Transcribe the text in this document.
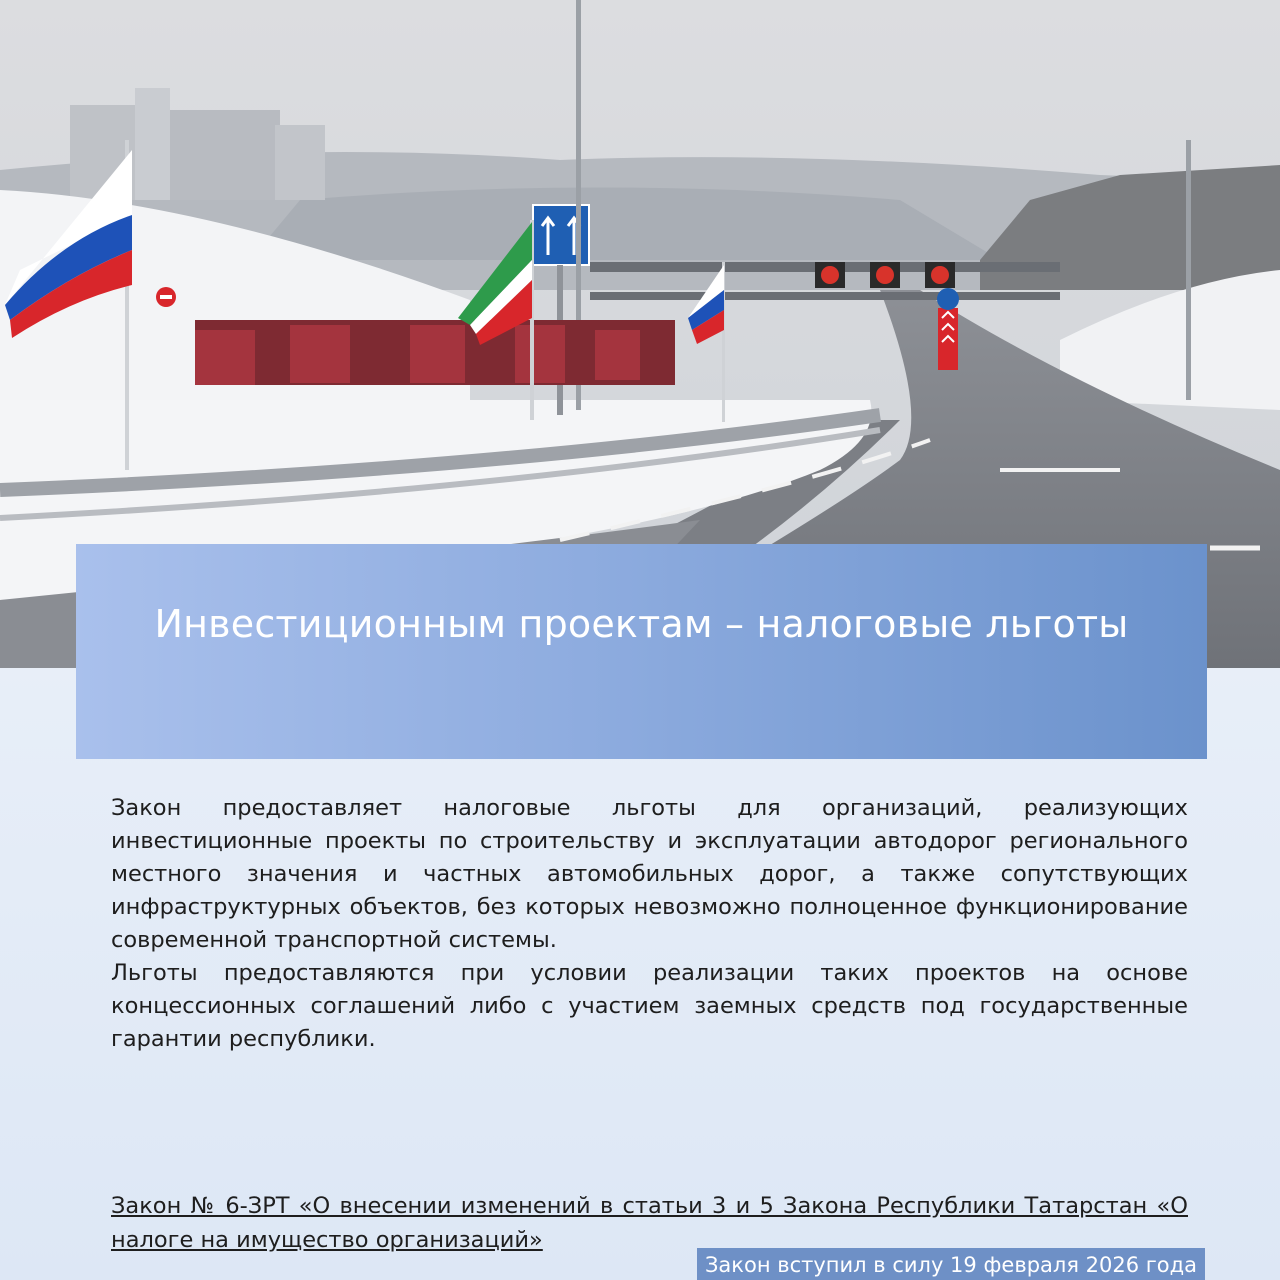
Инвестиционным проектам – налоговые льготы

Закон предоставляет налоговые льготы для организаций, реализующих инвестиционные проекты по строительству и эксплуатации автодорог регионального местного значения и частных автомобильных дорог, а также сопутствующих инфраструктурных объектов, без которых невозможно полноценное функционирование современной транспортной системы.

Льготы предоставляются при условии реализации таких проектов на основе концессионных соглашений либо с участием заемных средств под государственные гарантии республики.

Закон № 6-ЗРТ «О внесении изменений в статьи 3 и 5 Закона Республики Татарстан «О налоге на имущество организаций»
Закон вступил в силу 19 февраля 2026 года
